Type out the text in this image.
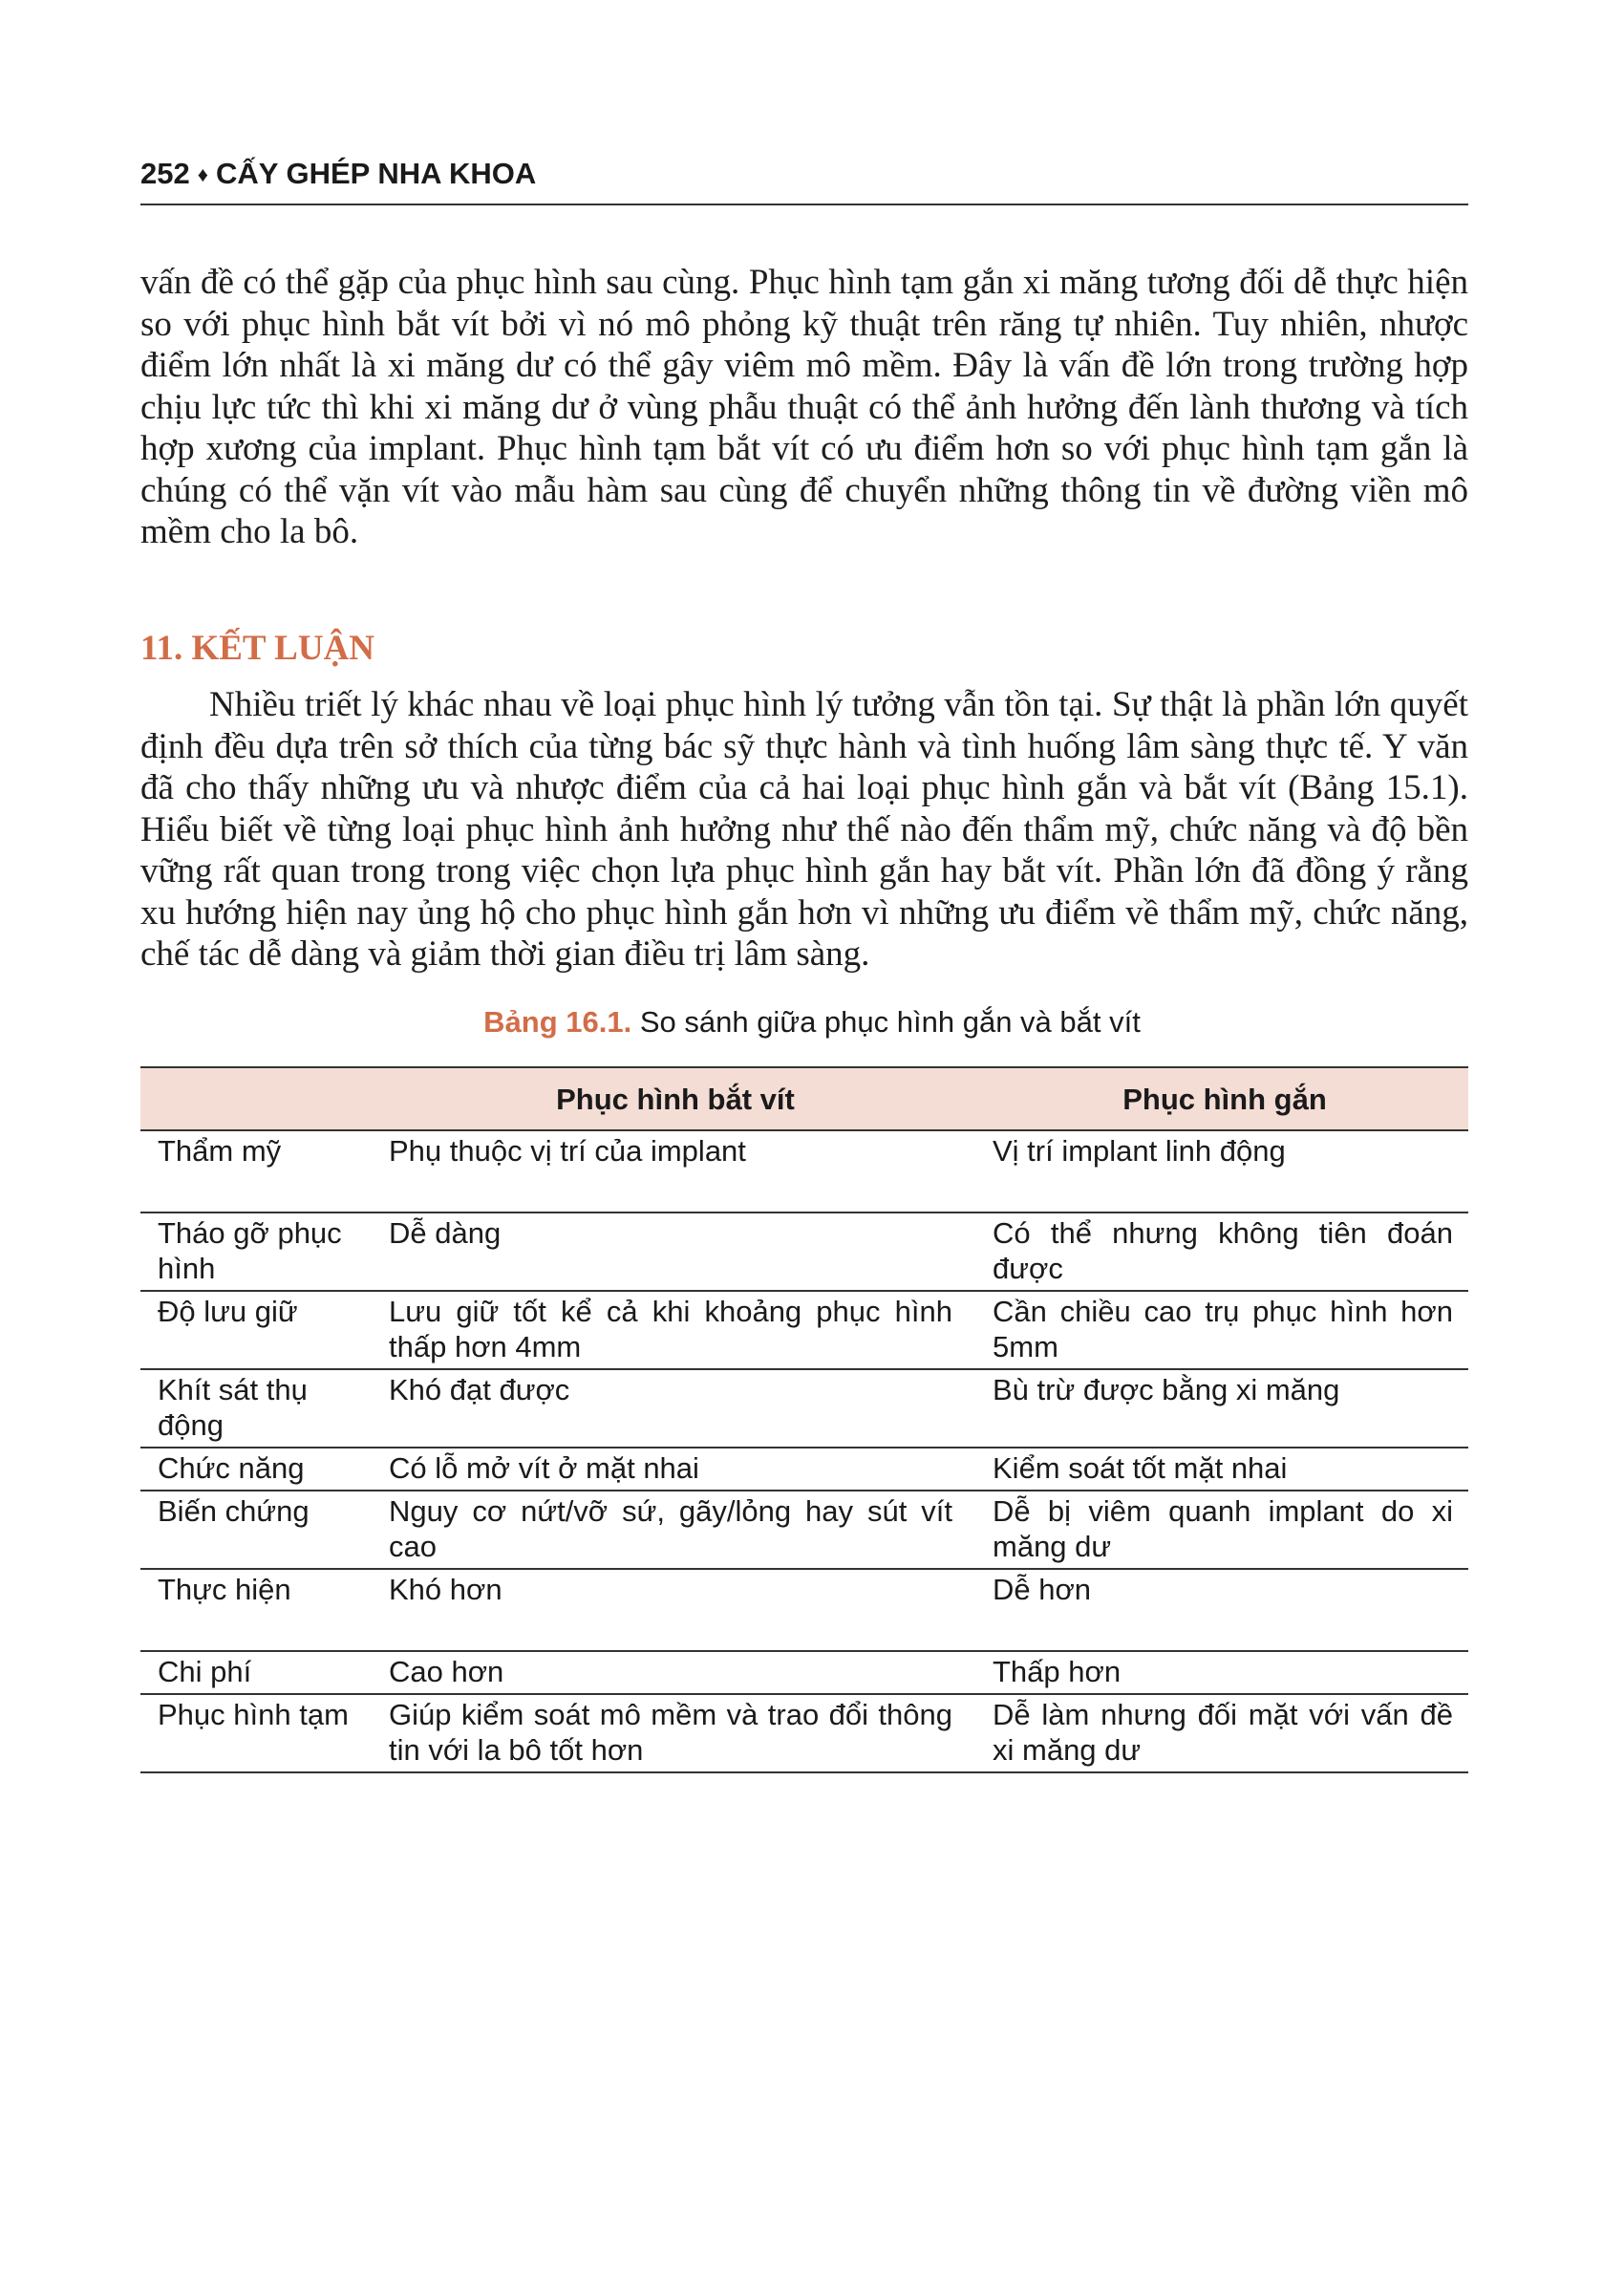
252 ♦ CẤY GHÉP NHA KHOA

vấn đề có thể gặp của phục hình sau cùng. Phục hình tạm gắn xi măng tương đối dễ thực hiện so với phục hình bắt vít bởi vì nó mô phỏng kỹ thuật trên răng tự nhiên. Tuy nhiên, nhược điểm lớn nhất là xi măng dư có thể gây viêm mô mềm. Đây là vấn đề lớn trong trường hợp chịu lực tức thì khi xi măng dư ở vùng phẫu thuật có thể ảnh hưởng đến lành thương và tích hợp xương của implant. Phục hình tạm bắt vít có ưu điểm hơn so với phục hình tạm gắn là chúng có thể vặn vít vào mẫu hàm sau cùng để chuyển những thông tin về đường viền mô mềm cho la bô.

11. KẾT LUẬN

Nhiều triết lý khác nhau về loại phục hình lý tưởng vẫn tồn tại. Sự thật là phần lớn quyết định đều dựa trên sở thích của từng bác sỹ thực hành và tình huống lâm sàng thực tế. Y văn đã cho thấy những ưu và nhược điểm của cả hai loại phục hình gắn và bắt vít (Bảng 15.1). Hiểu biết về từng loại phục hình ảnh hưởng như thế nào đến thẩm mỹ, chức năng và độ bền vững rất quan trong trong việc chọn lựa phục hình gắn hay bắt vít. Phần lớn đã đồng ý rằng xu hướng hiện nay ủng hộ cho phục hình gắn hơn vì những ưu điểm về thẩm mỹ, chức năng, chế tác dễ dàng và giảm thời gian điều trị lâm sàng.

Bảng 16.1. So sánh giữa phục hình gắn và bắt vít
	Phục hình bắt vít	Phục hình gắn
Thẩm mỹ	Phụ thuộc vị trí của implant	Vị trí implant linh động
Tháo gỡ phục hình	Dễ dàng	Có thể nhưng không tiên đoán được
Độ lưu giữ	Lưu giữ tốt kể cả khi khoảng phục hình thấp hơn 4mm	Cần chiều cao trụ phục hình hơn 5mm
Khít sát thụ động	Khó đạt được	Bù trừ được bằng xi măng
Chức năng	Có lỗ mở vít ở mặt nhai	Kiểm soát tốt mặt nhai
Biến chứng	Nguy cơ nứt/vỡ sứ, gãy/lỏng hay sút vít cao	Dễ bị viêm quanh implant do xi măng dư
Thực hiện	Khó hơn	Dễ hơn
Chi phí	Cao hơn	Thấp hơn
Phục hình tạm	Giúp kiểm soát mô mềm và trao đổi thông tin với la bô tốt hơn	Dễ làm nhưng đối mặt với vấn đề xi măng dư
